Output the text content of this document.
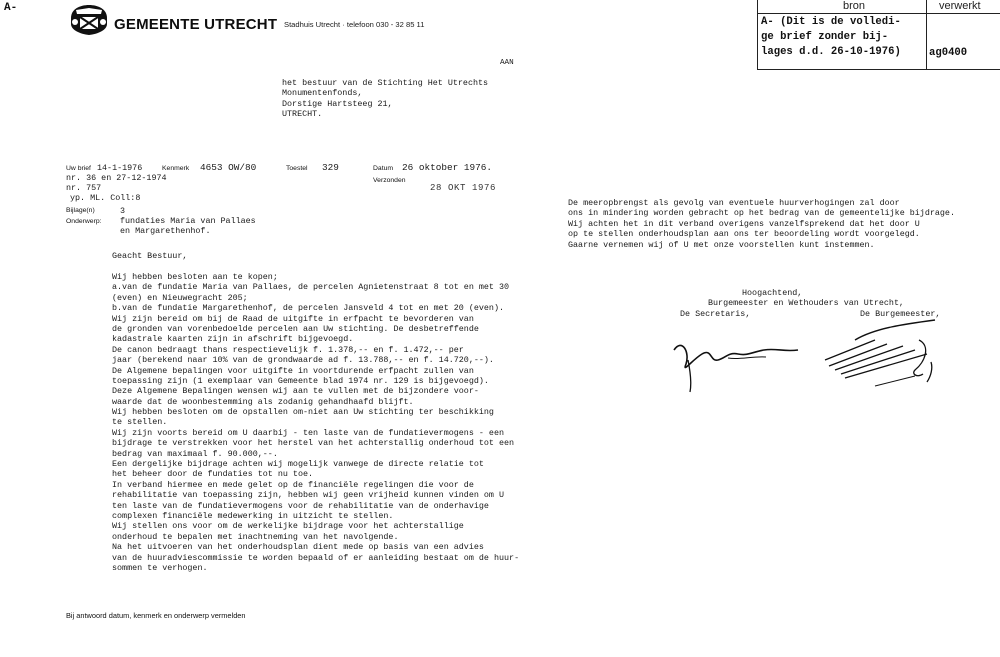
A-
GEMEENTE UTRECHT Stadhuis Utrecht · telefoon 030 - 32 85 11
bron	verwerkt
A- (Dit is de volledi-
ge brief zonder bij-
lages d.d. 26-10-1976)	ag0400
AAN
het bestuur van de Stichting Het Utrechts
Monumentenfonds,
Dorstige Hartsteeg 21,
UTRECHT.
Uw brief 14-1-1976
nr. 36 en 27-12-1974
nr. 757
Kenmerk 4653 OW/80	Toestel 329	Datum 26 oktober 1976.
Verzonden
28 OKT 1976
yp. ML. Coll:8
Bijlage(n)	3
Onderwerp: fundaties Maria van Pallaes
en Margarethenhof.
Geacht Bestuur,
Wij hebben besloten aan te kopen;
a.van de fundatie Maria van Pallaes, de percelen Agnietenstraat 8 tot en met 30
(even) en Nieuwegracht 205;
b.van de fundatie Margarethenhof, de percelen Jansveld 4 tot en met 20 (even).
Wij zijn bereid om bij de Raad de uitgifte in erfpacht te bevorderen van
de gronden van vorenbedoelde percelen aan Uw stichting. De desbetreffende
kadastrale kaarten zijn in afschrift bijgevoegd.
De canon bedraagt thans respectievelijk f. 1.378,-- en f. 1.472,-- per
jaar (berekend naar 10% van de grondwaarde ad f. 13.788,-- en f. 14.720,--).
De Algemene bepalingen voor uitgifte in voortdurende erfpacht zullen van
toepassing zijn (1 exemplaar van Gemeente blad 1974 nr. 129 is bijgevoegd).
Deze Algemene Bepalingen wensen wij aan te vullen met de bijzondere voor-
waarde dat de woonbestemming als zodanig gehandhaafd blijft.
Wij hebben besloten om de opstallen om-niet aan Uw stichting ter beschikking
te stellen.
Wij zijn voorts bereid om U daarbij - ten laste van de fundatievermogens - een
bijdrage te verstrekken voor het herstel van het achterstallig onderhoud tot een
bedrag van maximaal f. 90.000,--.
Een dergelijke bijdrage achten wij mogelijk vanwege de directe relatie tot
het beheer door de fundaties tot nu toe.
In verband hiermee en mede gelet op de financiële regelingen die voor de
rehabilitatie van toepassing zijn, hebben wij geen vrijheid kunnen vinden om U
ten laste van de fundatievermogens voor de rehabilitatie van de onderhavige
complexen financiële medewerking in uitzicht te stellen.
Wij stellen ons voor om de werkelijke bijdrage voor het achterstallige
onderhoud te bepalen met inachtneming van het navolgende.
Na het uitvoeren van het onderhoudsplan dient mede op basis van een advies
van de huuradviescommissie te worden bepaald of er aanleiding bestaat om de huur-
sommen te verhogen.
De meeropbrengst als gevolg van eventuele huurverhogingen zal door
ons in mindering worden gebracht op het bedrag van de gemeentelijke bijdrage.
Wij achten het in dit verband overigens vanzelfsprekend dat het door U
op te stellen onderhoudsplan aan ons ter beoordeling wordt voorgelegd.
Gaarne vernemen wij of U met onze voorstellen kunt instemmen.
Hoogachtend,
Burgemeester en Wethouders van Utrecht,
De Secretaris,	De Burgemeester,
Bij antwoord datum, kenmerk en onderwerp vermelden
